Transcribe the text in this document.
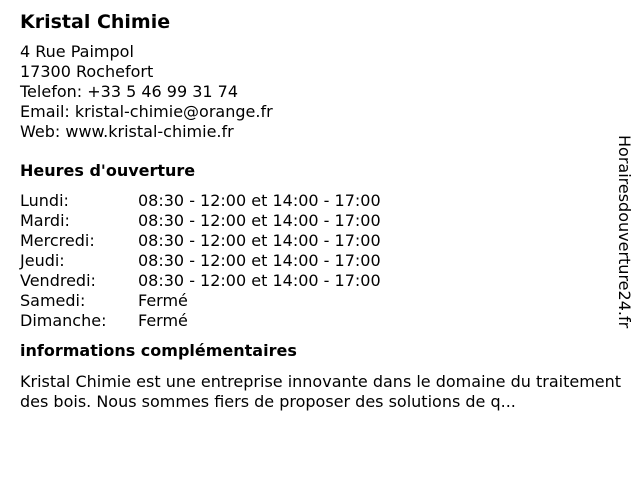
Kristal Chimie
4 Rue Paimpol
17300 Rochefort
Telefon: +33 5 46 99 31 74
Email: kristal-chimie@orange.fr
Web: www.kristal-chimie.fr
Heures d'ouverture
Lundi:	08:30 - 12:00 et 14:00 - 17:00
Mardi:	08:30 - 12:00 et 14:00 - 17:00
Mercredi:	08:30 - 12:00 et 14:00 - 17:00
Jeudi:	08:30 - 12:00 et 14:00 - 17:00
Vendredi:	08:30 - 12:00 et 14:00 - 17:00
Samedi:	Fermé
Dimanche:	Fermé
informations complémentaires
Kristal Chimie est une entreprise innovante dans le domaine du traitement des bois. Nous sommes fiers de proposer des solutions de q...
Horairesdouverture24.fr
